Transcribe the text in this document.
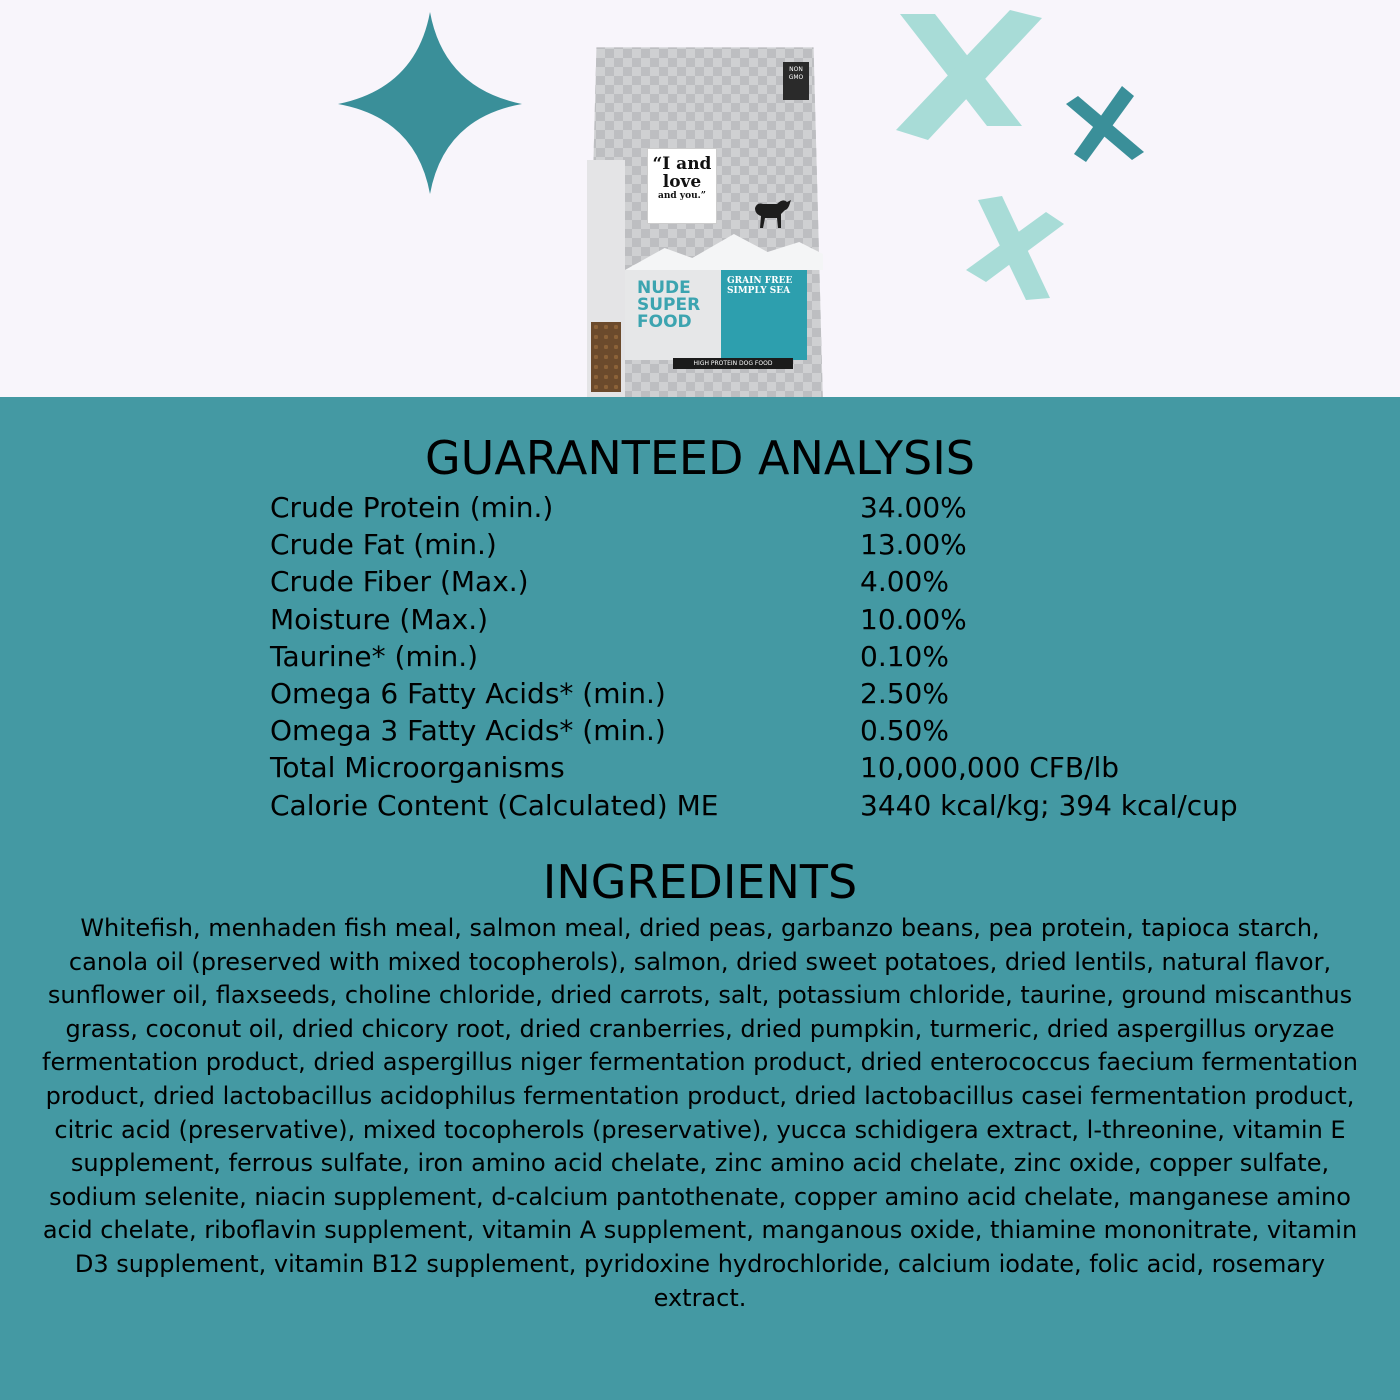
NON GMO
“I and
love
and you.”
NUDE
SUPER
FOOD
GRAIN FREE
SIMPLY SEA
HIGH PROTEIN DOG FOOD
GUARANTEED ANALYSIS
Crude Protein (min.)	34.00%
Crude Fat (min.)	13.00%
Crude Fiber (Max.)	4.00%
Moisture (Max.)	10.00%
Taurine* (min.)	0.10%
Omega 6 Fatty Acids* (min.)	2.50%
Omega 3 Fatty Acids* (min.)	0.50%
Total Microorganisms	10,000,000 CFB/lb
Calorie Content (Calculated) ME	3440 kcal/kg; 394 kcal/cup
INGREDIENTS

Whitefish, menhaden fish meal, salmon meal, dried peas, garbanzo beans, pea protein, tapioca starch, canola oil (preserved with mixed tocopherols), salmon, dried sweet potatoes, dried lentils, natural flavor, sunflower oil, flaxseeds, choline chloride, dried carrots, salt, potassium chloride, taurine, ground miscanthus grass, coconut oil, dried chicory root, dried cranberries, dried pumpkin, turmeric, dried aspergillus oryzae fermentation product, dried aspergillus niger fermentation product, dried enterococcus faecium fermentation product, dried lactobacillus acidophilus fermentation product, dried lactobacillus casei fermentation product, citric acid (preservative), mixed tocopherols (preservative), yucca schidigera extract, l-threonine, vitamin E supplement, ferrous sulfate, iron amino acid chelate, zinc amino acid chelate, zinc oxide, copper sulfate, sodium selenite, niacin supplement, d-calcium pantothenate, copper amino acid chelate, manganese amino acid chelate, riboflavin supplement, vitamin A supplement, manganous oxide, thiamine mononitrate, vitamin D3 supplement, vitamin B12 supplement, pyridoxine hydrochloride, calcium iodate, folic acid, rosemary extract.
